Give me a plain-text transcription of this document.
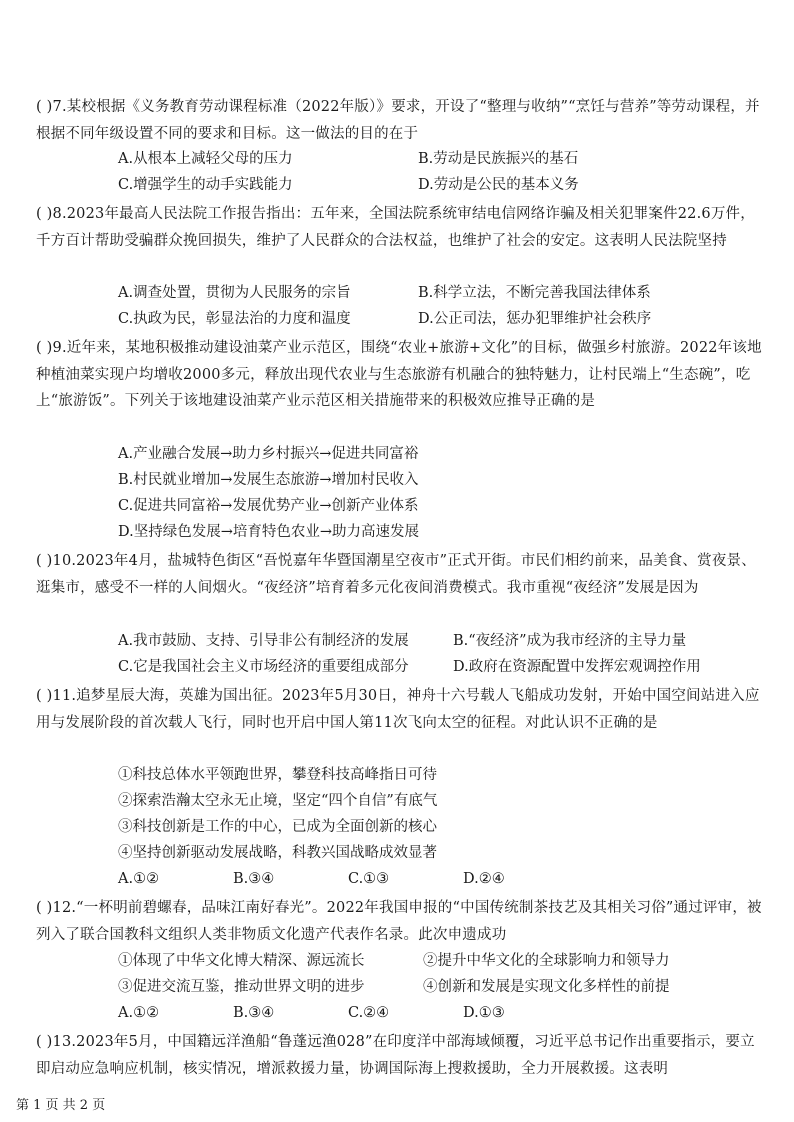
( )7.某校根据《义务教育劳动课程标准（2022年版）》要求，开设了“整理与收纳”“烹饪与营养”等劳动课程，并根据不同年级设置不同的要求和目标。这一做法的目的在于
A.从根本上减轻父母的压力	B.劳动是民族振兴的基石
C.增强学生的动手实践能力	D.劳动是公民的基本义务
( )8.2023年最高人民法院工作报告指出：五年来，全国法院系统审结电信网络诈骗及相关犯罪案件22.6万件，千方百计帮助受骗群众挽回损失，维护了人民群众的合法权益，也维护了社会的安定。这表明人民法院坚持
A.调查处置，贯彻为人民服务的宗旨	B.科学立法，不断完善我国法律体系
C.执政为民，彰显法治的力度和温度	D.公正司法，惩办犯罪维护社会秩序
( )9.近年来，某地积极推动建设油菜产业示范区，围绕“农业+旅游+文化”的目标，做强乡村旅游。2022年该地种植油菜实现户均增收2000多元，释放出现代农业与生态旅游有机融合的独特魅力，让村民端上“生态碗”，吃上“旅游饭”。下列关于该地建设油菜产业示范区相关措施带来的积极效应推导正确的是
A.产业融合发展→助力乡村振兴→促进共同富裕
B.村民就业增加→发展生态旅游→增加村民收入
C.促进共同富裕→发展优势产业→创新产业体系
D.坚持绿色发展→培育特色农业→助力高速发展
( )10.2023年4月，盐城特色街区“吾悦嘉年华暨国潮星空夜市”正式开街。市民们相约前来，品美食、赏夜景、逛集市，感受不一样的人间烟火。“夜经济”培育着多元化夜间消费模式。我市重视“夜经济”发展是因为
A.我市鼓励、支持、引导非公有制经济的发展	B.“夜经济”成为我市经济的主导力量
C.它是我国社会主义市场经济的重要组成部分	D.政府在资源配置中发挥宏观调控作用
( )11.追梦星辰大海，英雄为国出征。2023年5月30日，神舟十六号载人飞船成功发射，开始中国空间站进入应用与发展阶段的首次载人飞行，同时也开启中国人第11次飞向太空的征程。对此认识不正确的是
①科技总体水平领跑世界，攀登科技高峰指日可待
②探索浩瀚太空永无止境，坚定“四个自信”有底气
③科技创新是工作的中心，已成为全面创新的核心
④坚持创新驱动发展战略，科教兴国战略成效显著
A.①②	B.③④	C.①③	D.②④
( )12.“一杯明前碧螺春，品味江南好春光”。2022年我国申报的“中国传统制茶技艺及其相关习俗”通过评审，被列入了联合国教科文组织人类非物质文化遗产代表作名录。此次申遗成功
①体现了中华文化博大精深、源远流长	②提升中华文化的全球影响力和领导力
③促进交流互鉴，推动世界文明的进步	④创新和发展是实现文化多样性的前提
A.①②	B.③④	C.②④	D.①③
( )13.2023年5月，中国籍远洋渔船“鲁蓬远渔028”在印度洋中部海域倾覆，习近平总书记作出重要指示，要立即启动应急响应机制，核实情况，增派救援力量，协调国际海上搜救援助，全力开展救援。这表明
第 1 页 共 2 页
